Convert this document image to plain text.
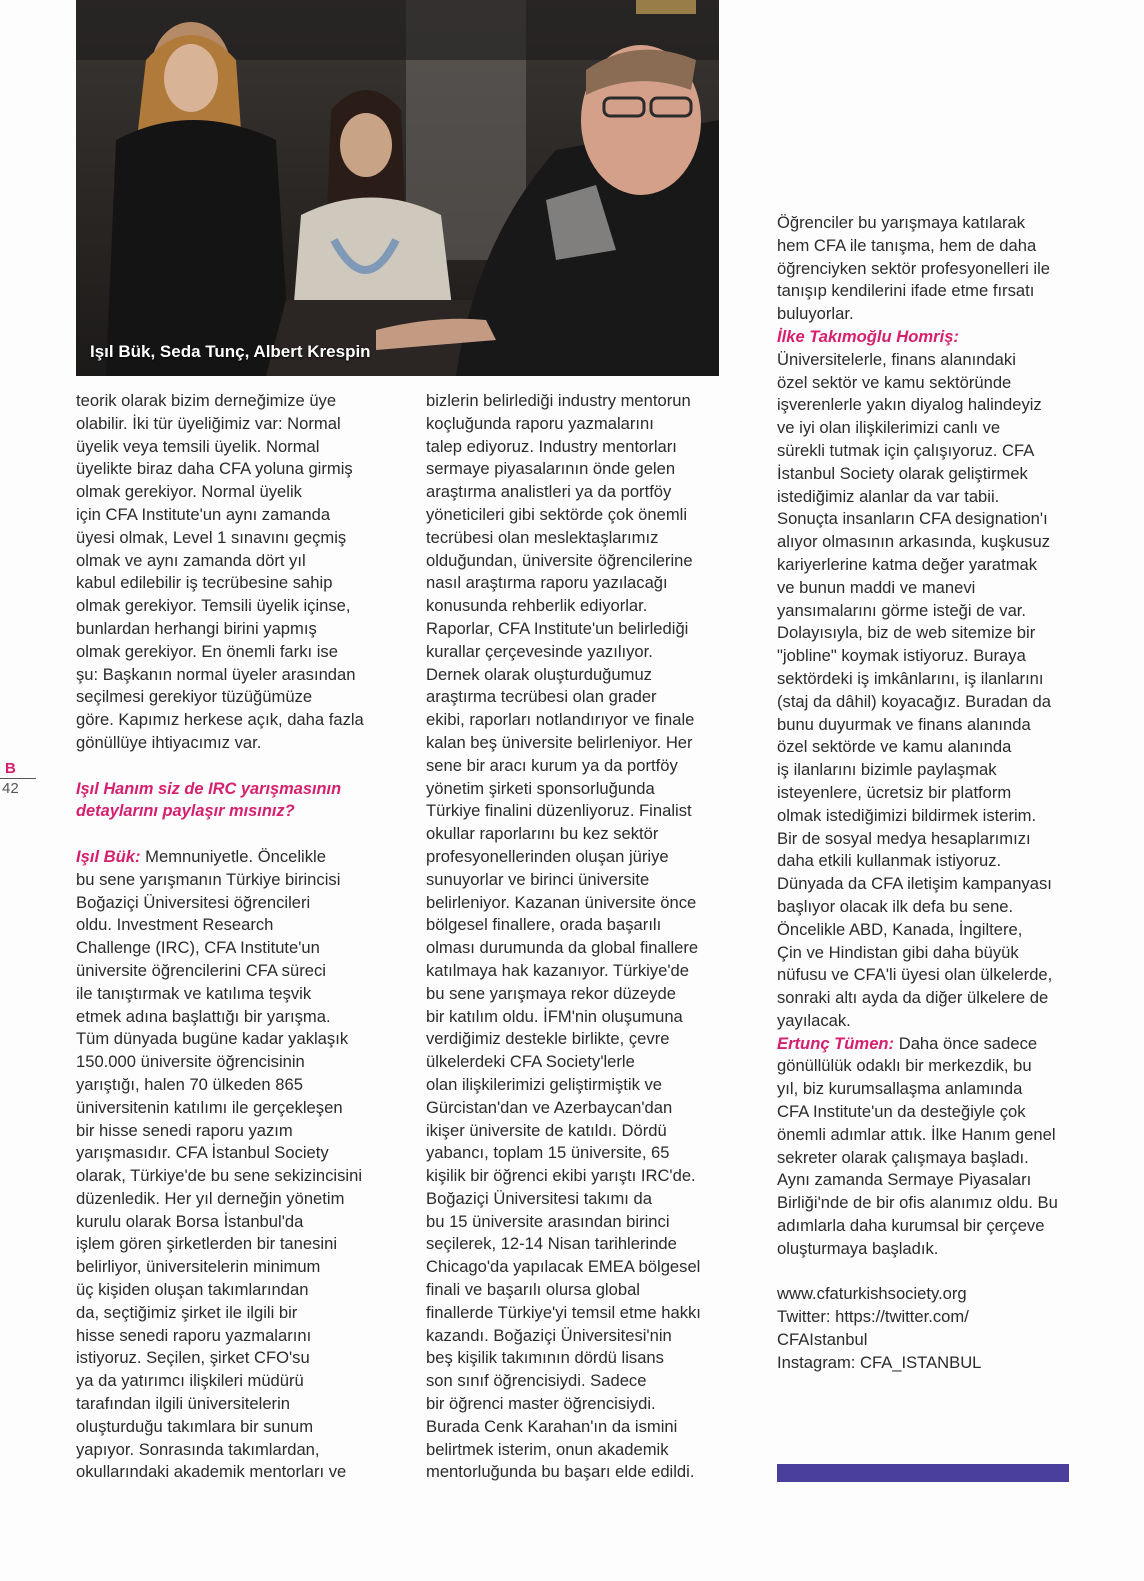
Işıl Bük, Seda Tunç, Albert Krespin
B
42

teorik olarak bizim derneğimize üye

olabilir. İki tür üyeliğimiz var: Normal

üyelik veya temsili üyelik. Normal

üyelikte biraz daha CFA yoluna girmiş

olmak gerekiyor. Normal üyelik

için CFA Institute'un aynı zamanda

üyesi olmak, Level 1 sınavını geçmiş

olmak ve aynı zamanda dört yıl

kabul edilebilir iş tecrübesine sahip

olmak gerekiyor. Temsili üyelik içinse,

bunlardan herhangi birini yapmış

olmak gerekiyor. En önemli farkı ise

şu: Başkanın normal üyeler arasından

seçilmesi gerekiyor tüzüğümüze

göre. Kapımız herkese açık, daha fazla

gönüllüye ihtiyacımız var.

Işıl Hanım siz de IRC yarışmasının

detaylarını paylaşır mısınız?

Işıl Bük: Memnuniyetle. Öncelikle

bu sene yarışmanın Türkiye birincisi

Boğaziçi Üniversitesi öğrencileri

oldu. Investment Research

Challenge (IRC), CFA Institute'un

üniversite öğrencilerini CFA süreci

ile tanıştırmak ve katılıma teşvik

etmek adına başlattığı bir yarışma.

Tüm dünyada bugüne kadar yaklaşık

150.000 üniversite öğrencisinin

yarıştığı, halen 70 ülkeden 865

üniversitenin katılımı ile gerçekleşen

bir hisse senedi raporu yazım

yarışmasıdır. CFA İstanbul Society

olarak, Türkiye'de bu sene sekizincisini

düzenledik. Her yıl derneğin yönetim

kurulu olarak Borsa İstanbul'da

işlem gören şirketlerden bir tanesini

belirliyor, üniversitelerin minimum

üç kişiden oluşan takımlarından

da, seçtiğimiz şirket ile ilgili bir

hisse senedi raporu yazmalarını

istiyoruz. Seçilen, şirket CFO'su

ya da yatırımcı ilişkileri müdürü

tarafından ilgili üniversitelerin

oluşturduğu takımlara bir sunum

yapıyor. Sonrasında takımlardan,

okullarındaki akademik mentorları ve

bizlerin belirlediği industry mentorun

koçluğunda raporu yazmalarını

talep ediyoruz. Industry mentorları

sermaye piyasalarının önde gelen

araştırma analistleri ya da portföy

yöneticileri gibi sektörde çok önemli

tecrübesi olan meslektaşlarımız

olduğundan, üniversite öğrencilerine

nasıl araştırma raporu yazılacağı

konusunda rehberlik ediyorlar.

Raporlar, CFA Institute'un belirlediği

kurallar çerçevesinde yazılıyor.

Dernek olarak oluşturduğumuz

araştırma tecrübesi olan grader

ekibi, raporları notlandırıyor ve finale

kalan beş üniversite belirleniyor. Her

sene bir aracı kurum ya da portföy

yönetim şirketi sponsorluğunda

Türkiye finalini düzenliyoruz. Finalist

okullar raporlarını bu kez sektör

profesyonellerinden oluşan jüriye

sunuyorlar ve birinci üniversite

belirleniyor. Kazanan üniversite önce

bölgesel finallere, orada başarılı

olması durumunda da global finallere

katılmaya hak kazanıyor. Türkiye'de

bu sene yarışmaya rekor düzeyde

bir katılım oldu. İFM'nin oluşumuna

verdiğimiz destekle birlikte, çevre

ülkelerdeki CFA Society'lerle

olan ilişkilerimizi geliştirmiştik ve

Gürcistan'dan ve Azerbaycan'dan

ikişer üniversite de katıldı. Dördü

yabancı, toplam 15 üniversite, 65

kişilik bir öğrenci ekibi yarıştı IRC'de.

Boğaziçi Üniversitesi takımı da

bu 15 üniversite arasından birinci

seçilerek, 12-14 Nisan tarihlerinde

Chicago'da yapılacak EMEA bölgesel

finali ve başarılı olursa global

finallerde Türkiye'yi temsil etme hakkı

kazandı. Boğaziçi Üniversitesi'nin

beş kişilik takımının dördü lisans

son sınıf öğrencisiydi. Sadece

bir öğrenci master öğrencisiydi.

Burada Cenk Karahan'ın da ismini

belirtmek isterim, onun akademik

mentorluğunda bu başarı elde edildi.

Öğrenciler bu yarışmaya katılarak

hem CFA ile tanışma, hem de daha

öğrenciyken sektör profesyonelleri ile

tanışıp kendilerini ifade etme fırsatı

buluyorlar.

İlke Takımoğlu Homriş:

Üniversitelerle, finans alanındaki

özel sektör ve kamu sektöründe

işverenlerle yakın diyalog halindeyiz

ve iyi olan ilişkilerimizi canlı ve

sürekli tutmak için çalışıyoruz. CFA

İstanbul Society olarak geliştirmek

istediğimiz alanlar da var tabii.

Sonuçta insanların CFA designation'ı

alıyor olmasının arkasında, kuşkusuz

kariyerlerine katma değer yaratmak

ve bunun maddi ve manevi

yansımalarını görme isteği de var.

Dolayısıyla, biz de web sitemize bir

"jobline" koymak istiyoruz. Buraya

sektördeki iş imkânlarını, iş ilanlarını

(staj da dâhil) koyacağız. Buradan da

bunu duyurmak ve finans alanında

özel sektörde ve kamu alanında

iş ilanlarını bizimle paylaşmak

isteyenlere, ücretsiz bir platform

olmak istediğimizi bildirmek isterim.

Bir de sosyal medya hesaplarımızı

daha etkili kullanmak istiyoruz.

Dünyada da CFA iletişim kampanyası

başlıyor olacak ilk defa bu sene.

Öncelikle ABD, Kanada, İngiltere,

Çin ve Hindistan gibi daha büyük

nüfusu ve CFA'li üyesi olan ülkelerde,

sonraki altı ayda da diğer ülkelere de

yayılacak.

Ertunç Tümen: Daha önce sadece

gönüllülük odaklı bir merkezdik, bu

yıl, biz kurumsallaşma anlamında

CFA Institute'un da desteğiyle çok

önemli adımlar attık. İlke Hanım genel

sekreter olarak çalışmaya başladı.

Aynı zamanda Sermaye Piyasaları

Birliği'nde de bir ofis alanımız oldu. Bu

adımlarla daha kurumsal bir çerçeve

oluşturmaya başladık.

www.cfaturkishsociety.org

Twitter: https://twitter.com/

CFAIstanbul

Instagram: CFA_ISTANBUL
